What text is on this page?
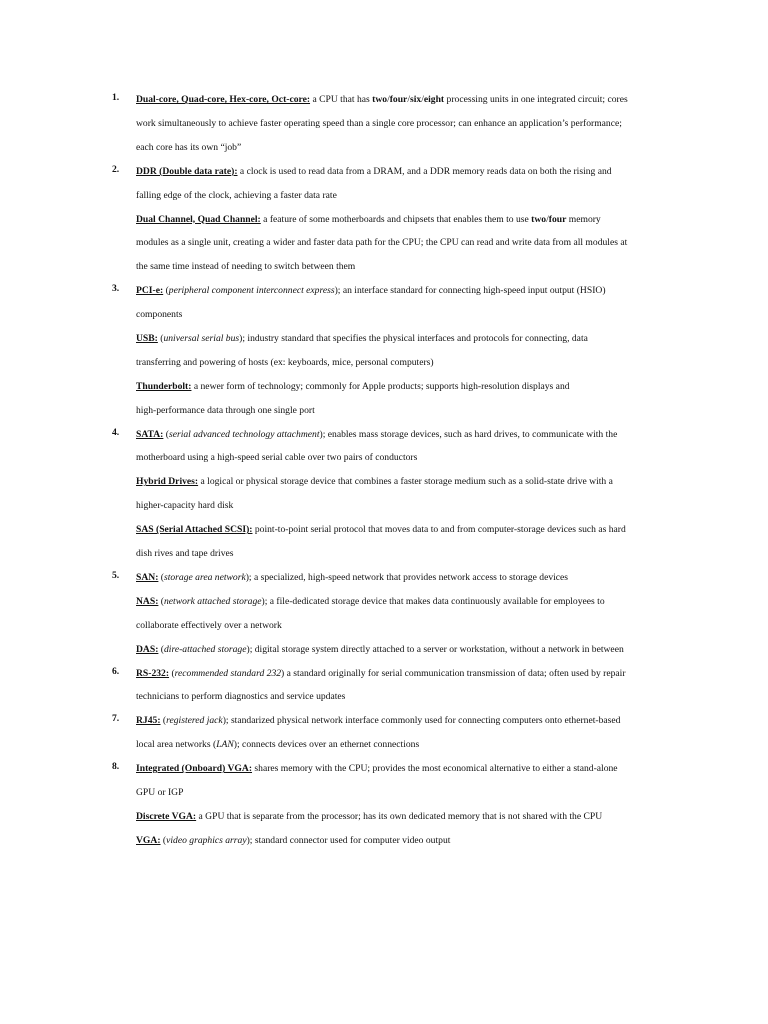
1. Dual-core, Quad-core, Hex-core, Oct-core: a CPU that has two/four/six/eight processing units in one integrated circuit; cores
work simultaneously to achieve faster operating speed than a single core processor; can enhance an application’s performance;
each core has its own “job”
2. DDR (Double data rate): a clock is used to read data from a DRAM, and a DDR memory reads data on both the rising and
falling edge of the clock, achieving a faster data rate
Dual Channel, Quad Channel: a feature of some motherboards and chipsets that enables them to use two/four memory
modules as a single unit, creating a wider and faster data path for the CPU; the CPU can read and write data from all modules at
the same time instead of needing to switch between them
3. PCI-e: (peripheral component interconnect express); an interface standard for connecting high-speed input output (HSIO)
components
USB: (universal serial bus); industry standard that specifies the physical interfaces and protocols for connecting, data
transferring and powering of hosts (ex: keyboards, mice, personal computers)
Thunderbolt: a newer form of technology; commonly for Apple products; supports high-resolution displays and
high-performance data through one single port
4. SATA: (serial advanced technology attachment); enables mass storage devices, such as hard drives, to communicate with the
motherboard using a high-speed serial cable over two pairs of conductors
Hybrid Drives: a logical or physical storage device that combines a faster storage medium such as a solid-state drive with a
higher-capacity hard disk
SAS (Serial Attached SCSI): point-to-point serial protocol that moves data to and from computer-storage devices such as hard
dish rives and tape drives
5. SAN: (storage area network); a specialized, high-speed network that provides network access to storage devices
NAS: (network attached storage); a file-dedicated storage device that makes data continuously available for employees to
collaborate effectively over a network
DAS: (dire-attached storage); digital storage system directly attached to a server or workstation, without a network in between
6. RS-232: (recommended standard 232) a standard originally for serial communication transmission of data; often used by repair
technicians to perform diagnostics and service updates
7. RJ45: (registered jack); standarized physical network interface commonly used for connecting computers onto ethernet-based
local area networks (LAN); connects devices over an ethernet connections
8. Integrated (Onboard) VGA: shares memory with the CPU; provides the most economical alternative to either a stand-alone
GPU or IGP
Discrete VGA: a GPU that is separate from the processor; has its own dedicated memory that is not shared with the CPU
VGA: (video graphics array); standard connector used for computer video output
